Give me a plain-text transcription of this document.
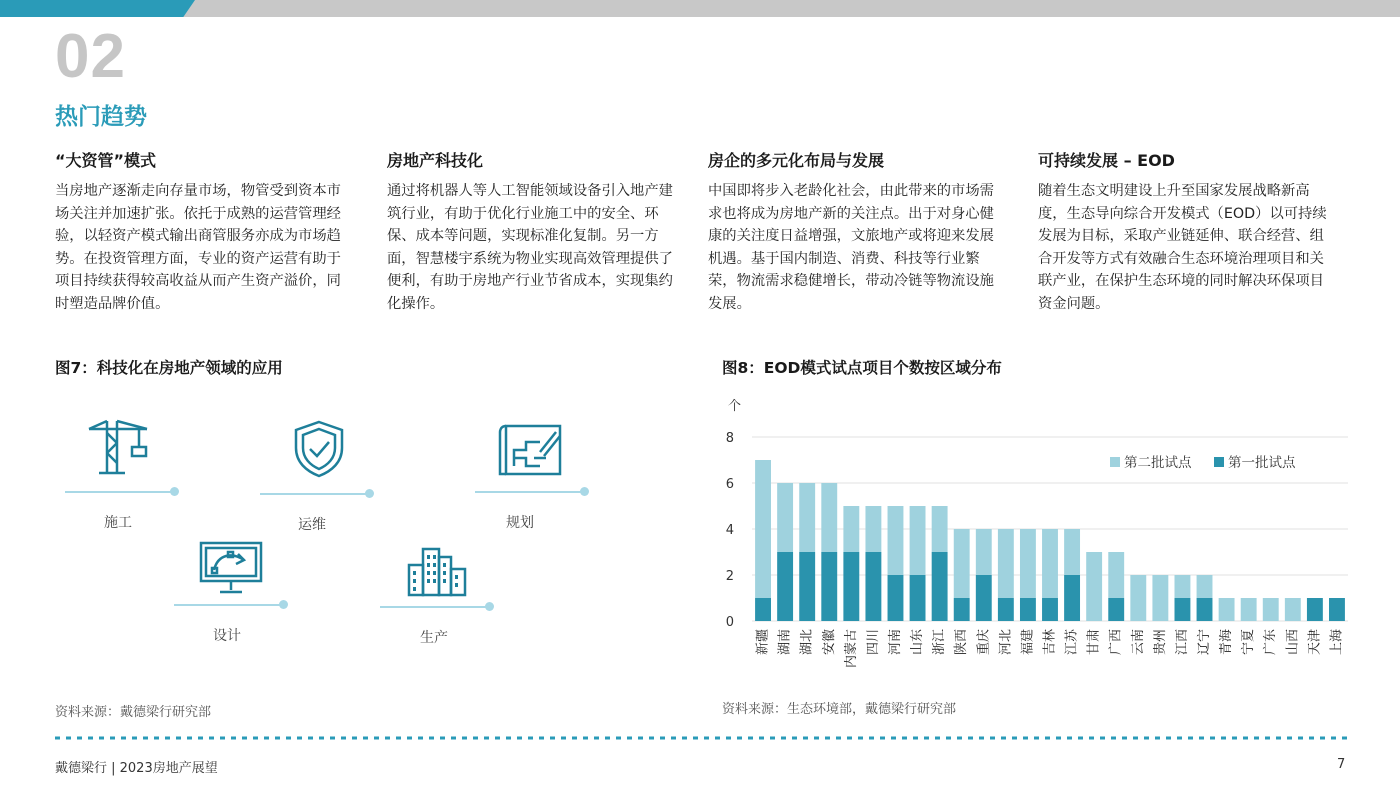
02
热门趋势
“大资管”模式

当房地产逐渐走向存量市场，物管受到资本市场关注并加速扩张。依托于成熟的运营管理经验，以轻资产模式输出商管服务亦成为市场趋势。在投资管理方面，专业的资产运营有助于项目持续获得较高收益从而产生资产溢价，同时塑造品牌价值。

房地产科技化

通过将机器人等人工智能领域设备引入地产建筑行业，有助于优化行业施工中的安全、环保、成本等问题，实现标准化复制。另一方面，智慧楼宇系统为物业实现高效管理提供了便利，有助于房地产行业节省成本，实现集约化操作。

房企的多元化布局与发展

中国即将步入老龄化社会，由此带来的市场需求也将成为房地产新的关注点。出于对身心健康的关注度日益增强，文旅地产或将迎来发展机遇。基于国内制造、消费、科技等行业繁荣，物流需求稳健增长，带动冷链等物流设施发展。

可持续发展 – EOD

随着生态文明建设上升至国家发展战略新高度，生态导向综合开发模式（EOD）以可持续发展为目标，采取产业链延伸、联合经营、组合开发等方式有效融合生态环境治理项目和关联产业，在保护生态环境的同时解决环保项目资金问题。

图7：科技化在房地产领域的应用
施工	运维	规划
设计	生产
资料来源：戴德梁行研究部
图8：EOD模式试点项目个数按区域分布
个
0
2
4
6
8
新疆 湖南 湖北 安徽 内蒙古 四川 河南 山东 浙江 陕西 重庆 河北 福建 吉林 江苏 甘肃 广西 云南 贵州 江西 辽宁 青海 宁夏 广东 山西 天津 上海
第二批试点	第一批试点
资料来源：生态环境部，戴德梁行研究部
戴德梁行 | 2023房地产展望	7
